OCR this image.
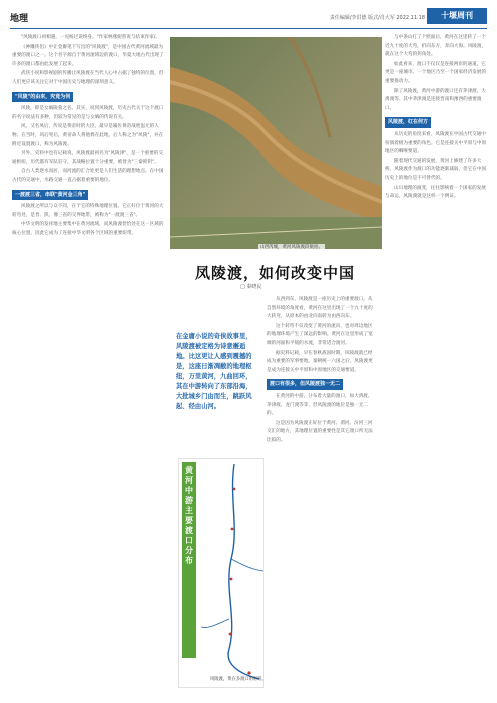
地理	责任编辑/李洪德 版式/肖大军 2022.11.18	十堰周刊

"风陵渡口初相遇，一见杨过误终身。"作家林燕妮曾说与结束作家/。

《神雕侠侣》中让金庸笔下写出的"风陵渡"，是中国古代黄河流域最为重要的渡口之一。这个名字源自于黄河流域边的渡口，华夏大地古代出现了许多的渡口都由此发展了起来。

武侠小说和影视剧的传播让风陵渡在当代人心中占据了独特的位置，但人们更应该关注它对于中国历史与地理的深刻意义。

"风陵"的由来，究竟为何

风陵，即是女娲陵墓之名。其实，说到风陵渡，历史古代关于这个渡口的名字说法有多种，但较为常见的是与女娲的传说有关。

风，又名凤后，传说是黄帝时的大臣，最早是辅佐黄帝战胜蚩尤的人物。在当时，风后死后，黄帝命人将他葬在此地，后人称之为"风陵"，并在附近设置渡口，称为风陵渡。

另外，史料中也有记载说，风陵渡最初名为"风陵津"，是一个重要的交通枢纽，历代都有军队驻守，其战略位置十分重要，被誉为"三秦锁钥"。

自古人类逐水而居，而河流的汇合处更是人们生活的理想地点。在中国古代的交通中，水路交通一直占据着重要的地位。

一渡渡三省，串联"黄河金三角"

风陵渡之所以与众不同，在于它的特殊地理位置。它正好位于黄河的大转弯处，是晋、陕、豫三省的交界地带，被称为"一渡渡三省"。

中华文明的发祥地主要集中在黄河流域，而风陵渡恰恰处在这一区域的核心位置，因此它成为了连接中华文明各个区域的重要纽带。

山西芮城，黄河风陵渡段航拍。
凤陵渡，如何改变中国
□ 秦晓民
在金庸小说的奇侠故事里，风陵渡被定格为诗意邂逅地。比这更让人感到震撼的是，这座日渐凋敝的地理枢纽，万里黄河，九曲回环，其在中游转向了东部沿海，大批城乡门由而生，跳跃风起、经由山河。

从西到东，风陵渡是一座历史上的重要渡口。从自然环境的角度看，黄河在这里出现了一个九十度的大转弯，从原本的由北向南转为由西向东。

这个转弯不仅改变了黄河的流向，也对周边地区的地理环境产生了深远的影响。黄河在这里形成了宽阔的河面和平缓的水流，非常适合渡河。

据史料记载，早在春秋战国时期，风陵渡就已经成为重要的军事要地。秦朝统一六国之后，风陵渡更是成为连接关中平原和中原地区的交通要道。

渡口有很多，但风陵渡独一无二

在黄河的中游，分布着大量的渡口，如大禹渡、茅津渡、龙门渡等等，但风陵渡的地位是独一无二的。

这是因为风陵渡正好位于黄河、渭河、汾河三河交汇的地方，其地理位置的重要性是其它渡口所无法比拟的。

黄河中游主要渡口分布
风陵渡，黄在多渡口的枢纽。

与中条山打了个照面后，黄河在这里转了一个近九十度的大弯，折向东方，奔向大海。风陵渡，就在这个大弯的拐角处。

如此看来，渡口不仅仅是连接两岸的通道，它更是一座城市、一个地区乃至一个国家经济发展的重要推动力。

除了风陵渡，黄河中游的渡口还有茅津渡、大禹渡等。其中茅津渡是连接晋南和豫西的重要渡口。

风陵渡，红在何方

从历史的角度来看，风陵渡在中国古代交通中扮演着极为重要的角色。它是连接关中平原与中原地区的咽喉要道。

随着现代交通的发展，黄河上修建了许多大桥，风陵渡作为渡口的功能逐渐减弱，但它在中国历史上的地位是不可替代的。

山川地理的演变，往往影响着一个国家的发展与命运，风陵渡就是这样一个例证。
